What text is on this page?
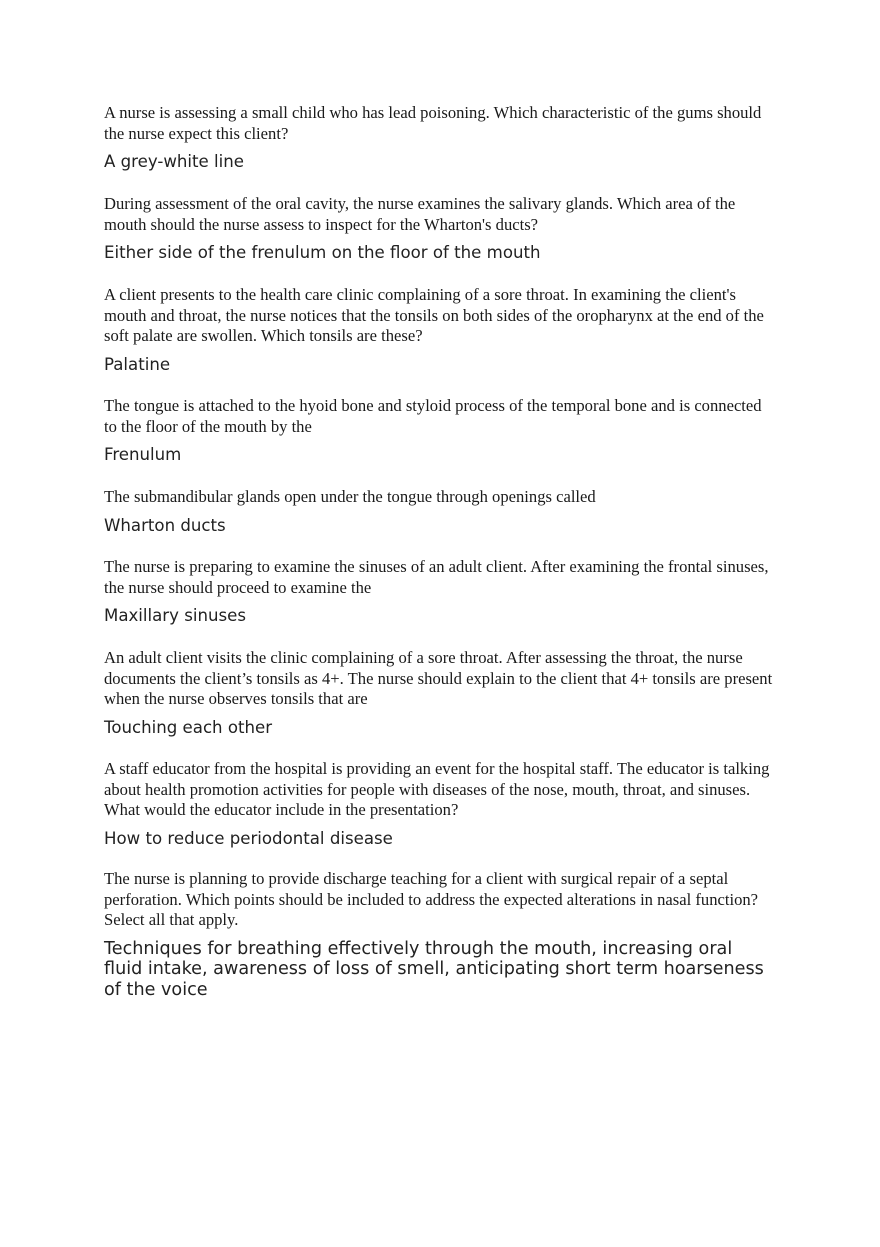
A nurse is assessing a small child who has lead poisoning. Which characteristic of the gums should the nurse expect this client?

A grey-white line

During assessment of the oral cavity, the nurse examines the salivary glands. Which area of the mouth should the nurse assess to inspect for the Wharton's ducts?

Either side of the frenulum on the floor of the mouth

A client presents to the health care clinic complaining of a sore throat. In examining the client's mouth and throat, the nurse notices that the tonsils on both sides of the oropharynx at the end of the soft palate are swollen. Which tonsils are these?

Palatine

The tongue is attached to the hyoid bone and styloid process of the temporal bone and is connected to the floor of the mouth by the

Frenulum

The submandibular glands open under the tongue through openings called

Wharton ducts

The nurse is preparing to examine the sinuses of an adult client. After examining the frontal sinuses, the nurse should proceed to examine the

Maxillary sinuses

An adult client visits the clinic complaining of a sore throat. After assessing the throat, the nurse documents the client’s tonsils as 4+. The nurse should explain to the client that 4+ tonsils are present when the nurse observes tonsils that are

Touching each other

A staff educator from the hospital is providing an event for the hospital staff. The educator is talking about health promotion activities for people with diseases of the nose, mouth, throat, and sinuses. What would the educator include in the presentation?

How to reduce periodontal disease

The nurse is planning to provide discharge teaching for a client with surgical repair of a septal perforation. Which points should be included to address the expected alterations in nasal function? Select all that apply.

Techniques for breathing effectively through the mouth, increasing oral fluid intake, awareness of loss of smell, anticipating short term hoarseness of the voice
